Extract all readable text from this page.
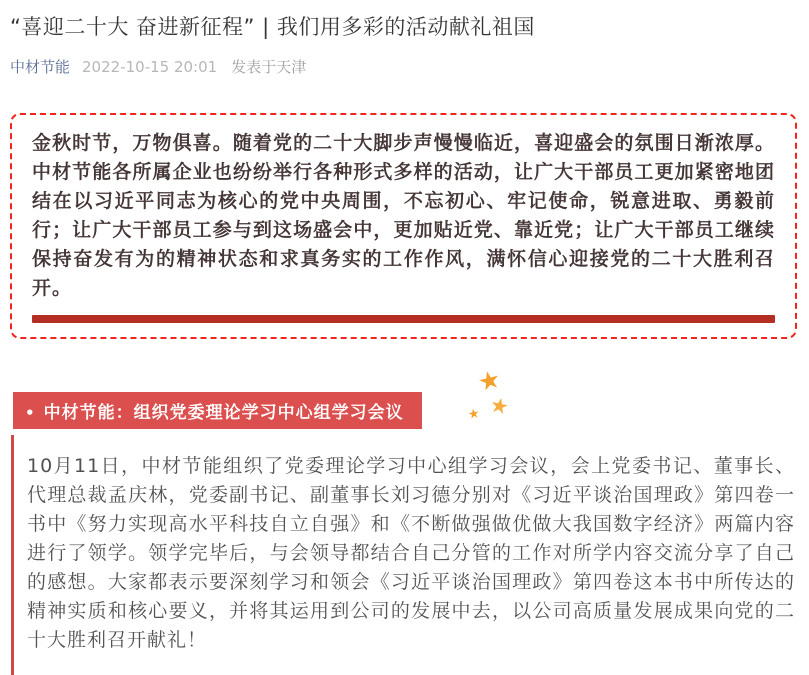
“喜迎二十大 奋进新征程” | 我们用多彩的活动献礼祖国
中材节能 2022-10-15 20:01 发表于天津

金秋时节，万物俱喜。随着党的二十大脚步声慢慢临近，喜迎盛会的氛围日渐浓厚。中材节能各所属企业也纷纷举行各种形式多样的活动，让广大干部员工更加紧密地团结在以习近平同志为核心的党中央周围，不忘初心、牢记使命，锐意进取、勇毅前行；让广大干部员工参与到这场盛会中，更加贴近党、靠近党；让广大干部员工继续保持奋发有为的精神状态和求真务实的工作作风，满怀信心迎接党的二十大胜利召开。

• 中材节能：组织党委理论学习中心组学习会议
★
★
★

10月11日，中材节能组织了党委理论学习中心组学习会议，会上党委书记、董事长、代理总裁孟庆林，党委副书记、副董事长刘习德分别对《习近平谈治国理政》第四卷一书中《努力实现高水平科技自立自强》和《不断做强做优做大我国数字经济》两篇内容进行了领学。领学完毕后，与会领导都结合自己分管的工作对所学内容交流分享了自己的感想。大家都表示要深刻学习和领会《习近平谈治国理政》第四卷这本书中所传达的精神实质和核心要义，并将其运用到公司的发展中去，以公司高质量发展成果向党的二十大胜利召开献礼！
